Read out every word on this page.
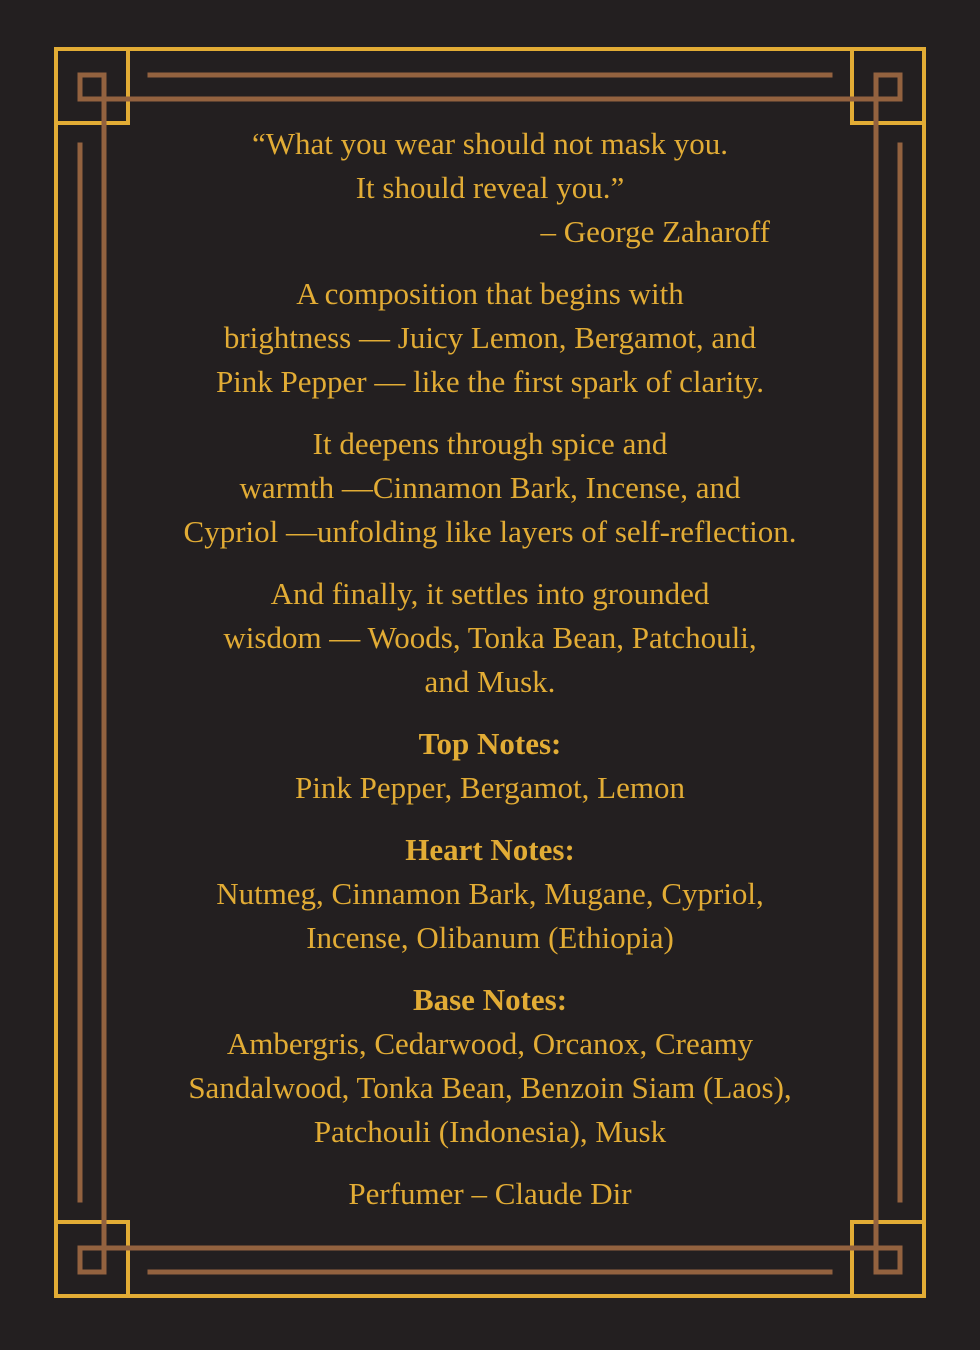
“What you wear should not mask you.
It should reveal you.”
– George Zaharoff
A composition that begins with
brightness — Juicy Lemon, Bergamot, and
Pink Pepper — like the first spark of clarity.
It deepens through spice and
warmth —Cinnamon Bark, Incense, and
Cypriol —unfolding like layers of self-reflection.
And finally, it settles into grounded
wisdom — Woods, Tonka Bean, Patchouli,
and Musk.
Top Notes:
Pink Pepper, Bergamot, Lemon
Heart Notes:
Nutmeg, Cinnamon Bark, Mugane, Cypriol,
Incense, Olibanum (Ethiopia)
Base Notes:
Ambergris, Cedarwood, Orcanox, Creamy
Sandalwood, Tonka Bean, Benzoin Siam (Laos),
Patchouli (Indonesia), Musk
Perfumer – Claude Dir
